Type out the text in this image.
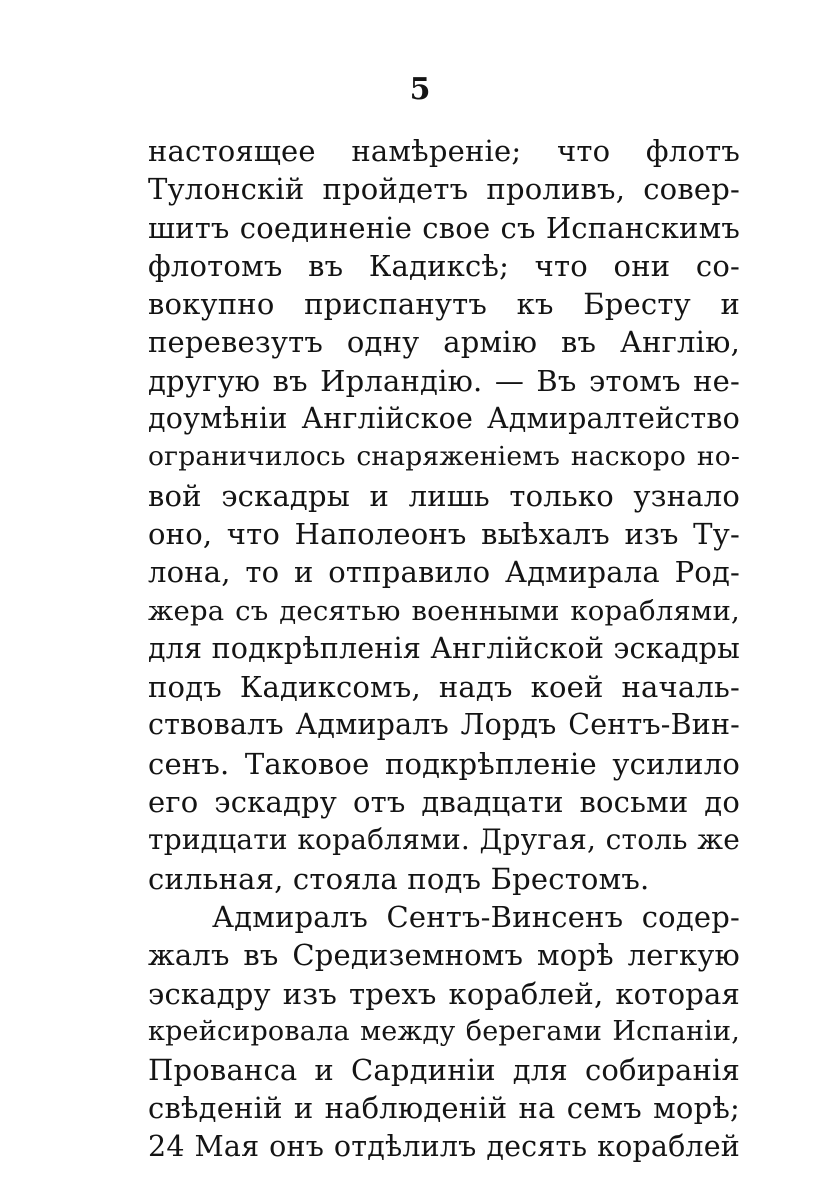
5
настоящее намѣреніе; что флотъ
Тулонскій пройдетъ проливъ, совер-
шитъ соединеніе свое съ Испанскимъ
флотомъ въ Кадиксѣ; что они со-
вокупно приспанутъ къ Бресту и
перевезутъ одну армію въ Англію,
другую въ Ирландію. — Въ этомъ не-
доумѣніи Англійское Адмиралтейство
ограничилось снаряженіемъ наскоро но-
вой эскадры и лишь только узнало
оно, что Наполеонъ выѣхалъ изъ Ту-
лона, то и отправило Адмирала Род-
жера съ десятью военными кораблями,
для подкрѣпленія Англійской эскадры
подъ Кадиксомъ, надъ коей началь-
ствовалъ Адмиралъ Лордъ Сентъ-Вин-
сенъ. Таковое подкрѣпленіе усилило
его эскадру отъ двадцати восьми до
тридцати кораблями. Другая, столь же
сильная, стояла подъ Брестомъ.
Адмиралъ Сентъ-Винсенъ содер-
жалъ въ Средиземномъ морѣ легкую
эскадру изъ трехъ кораблей, которая
крейсировала между берегами Испаніи,
Прованса и Сардиніи для собиранія
свѣденій и наблюденій на семъ морѣ;
24 Мая онъ отдѣлилъ десять кораблей
